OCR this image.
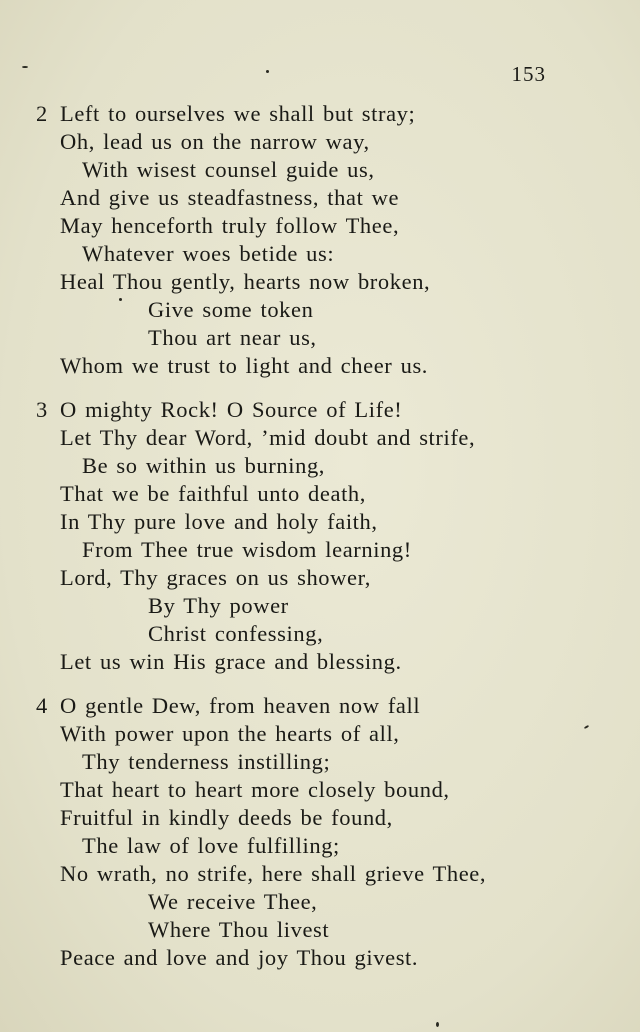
153
2 Left to ourselves we shall but stray;
Oh, lead us on the narrow way,
With wisest counsel guide us,
And give us steadfastness, that we
May henceforth truly follow Thee,
Whatever woes betide us:
Heal Thou gently, hearts now broken,
Give some token
Thou art near us,
Whom we trust to light and cheer us.
3 O mighty Rock! O Source of Life!
Let Thy dear Word, ’mid doubt and strife,
Be so within us burning,
That we be faithful unto death,
In Thy pure love and holy faith,
From Thee true wisdom learning!
Lord, Thy graces on us shower,
By Thy power
Christ confessing,
Let us win His grace and blessing.
4 O gentle Dew, from heaven now fall
With power upon the hearts of all,
Thy tenderness instilling;
That heart to heart more closely bound,
Fruitful in kindly deeds be found,
The law of love fulfilling;
No wrath, no strife, here shall grieve Thee,
We receive Thee,
Where Thou livest
Peace and love and joy Thou givest.
